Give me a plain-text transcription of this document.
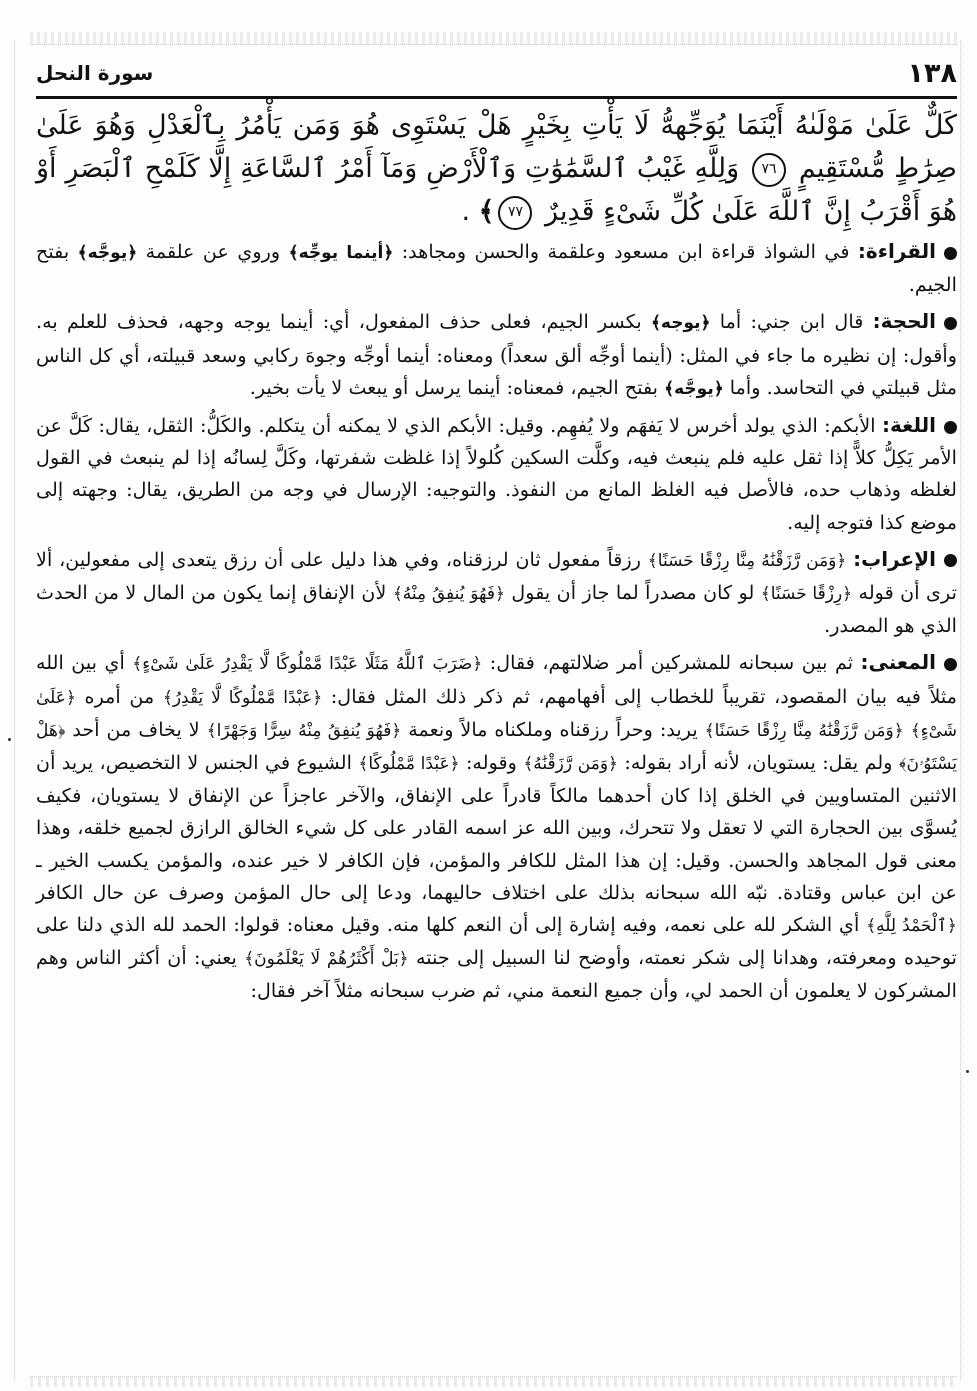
١٣٨
سورة النحل

كَلٌّ عَلَىٰ مَوْلَىٰهُ أَيْنَمَا يُوَجِّههُّ لَا يَأْتِ بِخَيْرٍ هَلْ يَسْتَوِى هُوَ وَمَن يَأْمُرُ بِٱلْعَدْلِ وَهُوَ عَلَىٰ صِرَٰطٍ مُّسْتَقِيمٍ
٧٦
وَلِلَّهِ غَيْبُ ٱلسَّمَٰوَٰتِ وَٱلْأَرْضِ وَمَآ أَمْرُ ٱلسَّاعَةِ إِلَّا كَلَمْحِ ٱلْبَصَرِ أَوْ هُوَ أَقْرَبُ إِنَّ ٱللَّهَ عَلَىٰ كُلِّ شَىْءٍ قَدِيرٌ
٧٧
﴾ .

القراءة: في الشواذ قراءة ابن مسعود وعلقمة والحسن ومجاهد: ﴿أينما يوجِّه﴾ وروي عن علقمة ﴿يوجَّه﴾ بفتح الجيم.

الحجة: قال ابن جني: أما ﴿يوجه﴾ بكسر الجيم، فعلى حذف المفعول، أي: أينما يوجه وجهه، فحذف للعلم به. وأقول: إن نظيره ما جاء في المثل: (أينما أوجِّه ألق سعداً) ومعناه: أينما أوجِّه وجوهَ ركابي وسعد قبيلته، أي كل الناس مثل قبيلتي في التحاسد. وأما ﴿يوجَّه﴾ بفتح الجيم، فمعناه: أينما يرسل أو يبعث لا يأت بخير.

اللغة: الأبكم: الذي يولد أخرس لا يَفهَم ولا يُفهِم. وقيل: الأبكم الذي لا يمكنه أن يتكلم. والكَلُّ: الثقل، يقال: كَلَّ عن الأمر يَكِلُّ كلاًّ إذا ثقل عليه فلم ينبعث فيه، وكلَّت السكين كُلولاً إذا غلظت شفرتها، وكَلَّ لِسانُه إذا لم ينبعث في القول لغلظه وذهاب حده، فالأصل فيه الغلظ المانع من النفوذ. والتوجيه: الإرسال في وجه من الطريق، يقال: وجهته إلى موضع كذا فتوجه إليه.

الإعراب: ﴿وَمَن رَّزَقْنَٰهُ مِنَّا رِزْقًا حَسَنًا﴾ رزقاً مفعول ثان لرزقناه، وفي هذا دليل على أن رزق يتعدى إلى مفعولين، ألا ترى أن قوله ﴿رِزْقًا حَسَنًا﴾ لو كان مصدراً لما جاز أن يقول ﴿فَهُوَ يُنفِقُ مِنْهُ﴾ لأن الإنفاق إنما يكون من المال لا من الحدث الذي هو المصدر.

المعنى: ثم بين سبحانه للمشركين أمر ضلالتهم، فقال: ﴿ضَرَبَ ٱللَّهُ مَثَلًا عَبْدًا مَّمْلُوكًا لَّا يَقْدِرُ عَلَىٰ شَىْءٍ﴾ أي بين الله مثلاً فيه بيان المقصود، تقريباً للخطاب إلى أفهامهم، ثم ذكر ذلك المثل فقال: ﴿عَبْدًا مَّمْلُوكًا لَّا يَقْدِرُ﴾ من أمره ﴿عَلَىٰ شَىْءٍ﴾ ﴿وَمَن رَّزَقْنَٰهُ مِنَّا رِزْقًا حَسَنًا﴾ يريد: وحراً رزقناه وملكناه مالاً ونعمة ﴿فَهُوَ يُنفِقُ مِنْهُ سِرًّا وَجَهْرًا﴾ لا يخاف من أحد ﴿هَلْ يَسْتَوُۥنَ﴾ ولم يقل: يستويان، لأنه أراد بقوله: ﴿وَمَن رَّزَقْنَٰهُ﴾ وقوله: ﴿عَبْدًا مَّمْلُوكًا﴾ الشيوع في الجنس لا التخصيص، يريد أن الاثنين المتساويين في الخلق إذا كان أحدهما مالكاً قادراً على الإنفاق، والآخر عاجزاً عن الإنفاق لا يستويان، فكيف يُسوَّى بين الحجارة التي لا تعقل ولا تتحرك، وبين الله عز اسمه القادر على كل شيء الخالق الرازق لجميع خلقه، وهذا معنى قول المجاهد والحسن. وقيل: إن هذا المثل للكافر والمؤمن، فإن الكافر لا خير عنده، والمؤمن يكسب الخير ـ عن ابن عباس وقتادة. نبّه الله سبحانه بذلك على اختلاف حاليهما، ودعا إلى حال المؤمن وصرف عن حال الكافر ﴿ٱلْحَمْدُ لِلَّهِ﴾ أي الشكر لله على نعمه، وفيه إشارة إلى أن النعم كلها منه. وقيل معناه: قولوا: الحمد لله الذي دلنا على توحيده ومعرفته، وهدانا إلى شكر نعمته، وأوضح لنا السبيل إلى جنته ﴿بَلْ أَكْثَرُهُمْ لَا يَعْلَمُونَ﴾ يعني: أن أكثر الناس وهم المشركون لا يعلمون أن الحمد لي، وأن جميع النعمة مني، ثم ضرب سبحانه مثلاً آخر فقال:
